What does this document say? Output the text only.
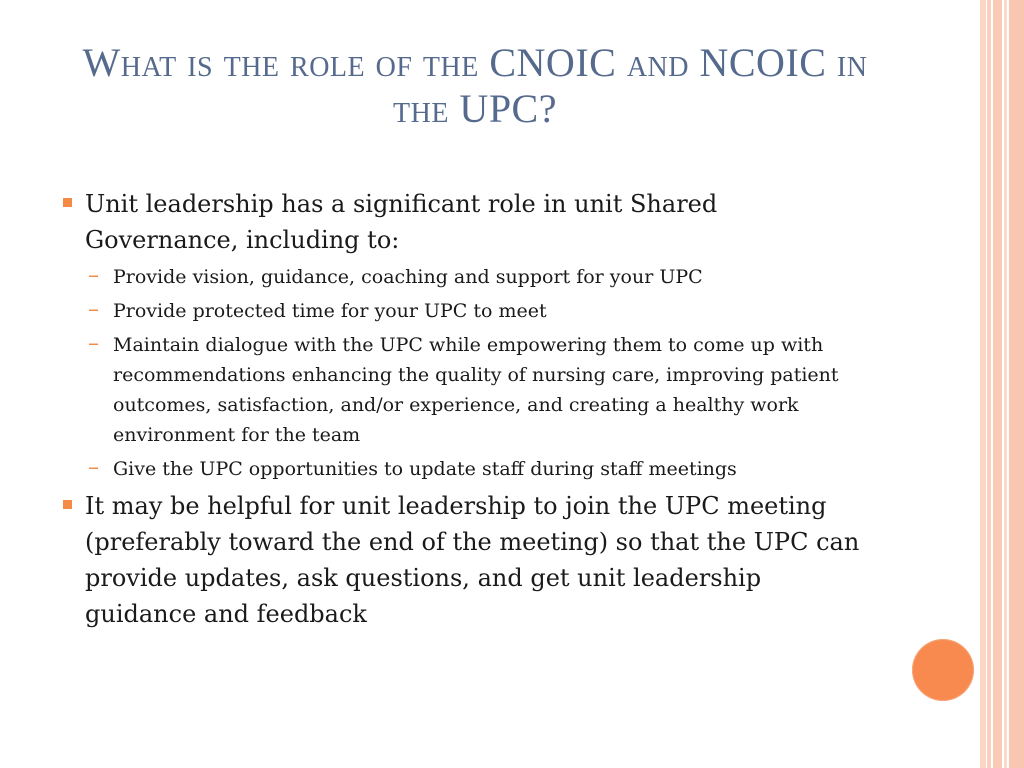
What is the role of the CNOIC and NCOIC in the UPC?

Unit leadership has a significant role in unit Shared Governance, including to:

– Provide vision, guidance, coaching and support for your UPC

– Provide protected time for your UPC to meet

– Maintain dialogue with the UPC while empowering them to come up with recommendations enhancing the quality of nursing care, improving patient outcomes, satisfaction, and/or experience, and creating a healthy work environment for the team

– Give the UPC opportunities to update staff during staff meetings

It may be helpful for unit leadership to join the UPC meeting (preferably toward the end of the meeting) so that the UPC can provide updates, ask questions, and get unit leadership guidance and feedback
